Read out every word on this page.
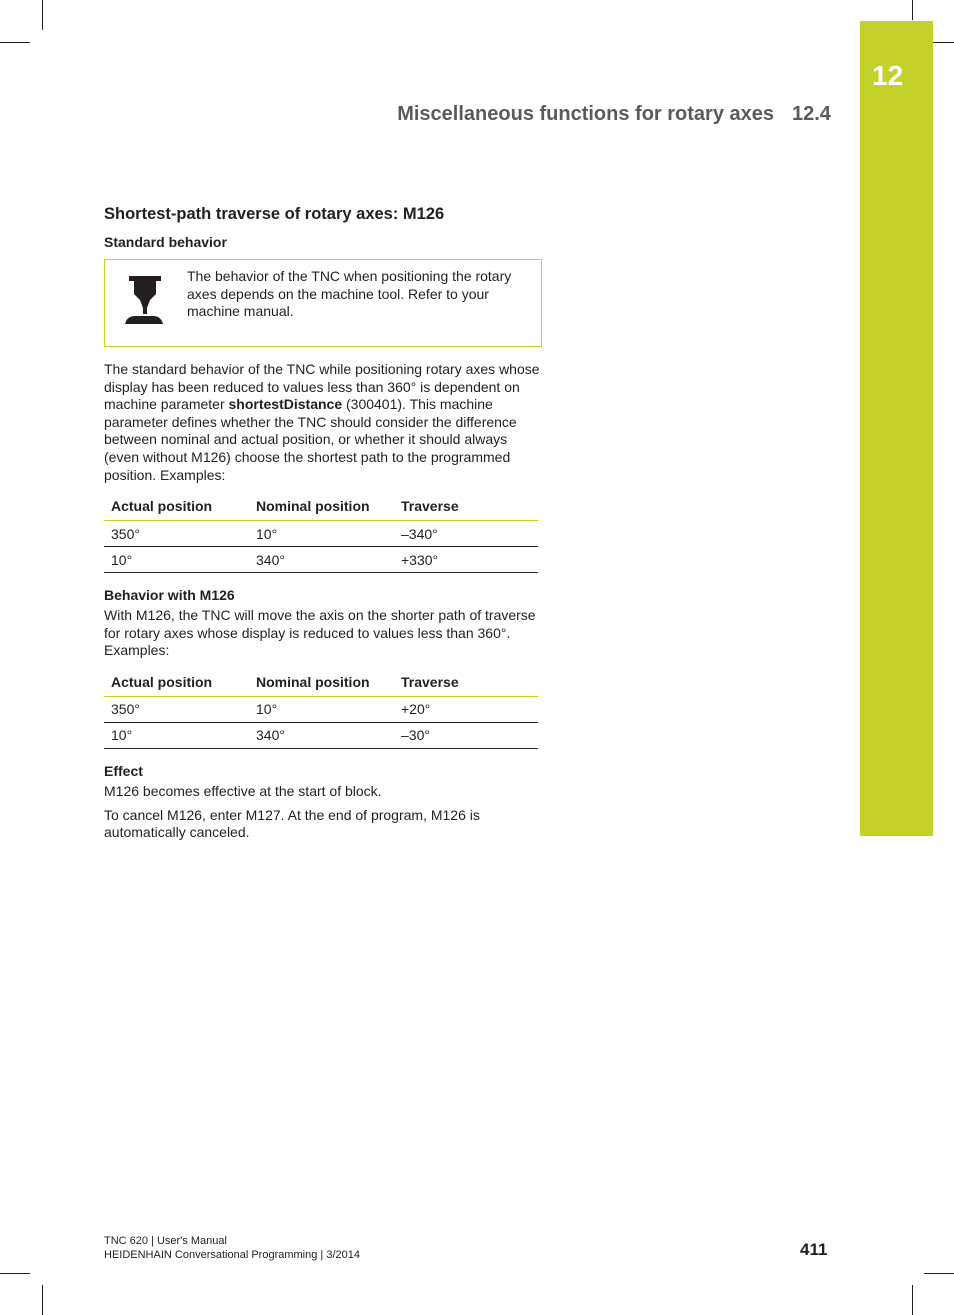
12
Miscellaneous functions for rotary axes 12.4
Shortest-path traverse of rotary axes: M126
Standard behavior
The behavior of the TNC when positioning the rotary axes depends on the machine tool. Refer to your machine manual.

The standard behavior of the TNC while positioning rotary axes whose display has been reduced to values less than 360° is dependent on machine parameter shortestDistance (300401). This machine parameter defines whether the TNC should consider the difference between nominal and actual position, or whether it should always (even without M126) choose the shortest path to the programmed position. Examples:

Actual position	Nominal position	Traverse
350°	10°	–340°
10°	340°	+330°
Behavior with M126

With M126, the TNC will move the axis on the shorter path of traverse for rotary axes whose display is reduced to values less than 360°. Examples:

Actual position	Nominal position	Traverse
350°	10°	+20°
10°	340°	–30°
Effect

M126 becomes effective at the start of block.

To cancel M126, enter M127. At the end of program, M126 is automatically canceled.

TNC 620 | User's Manual
HEIDENHAIN Conversational Programming | 3/2014	411
